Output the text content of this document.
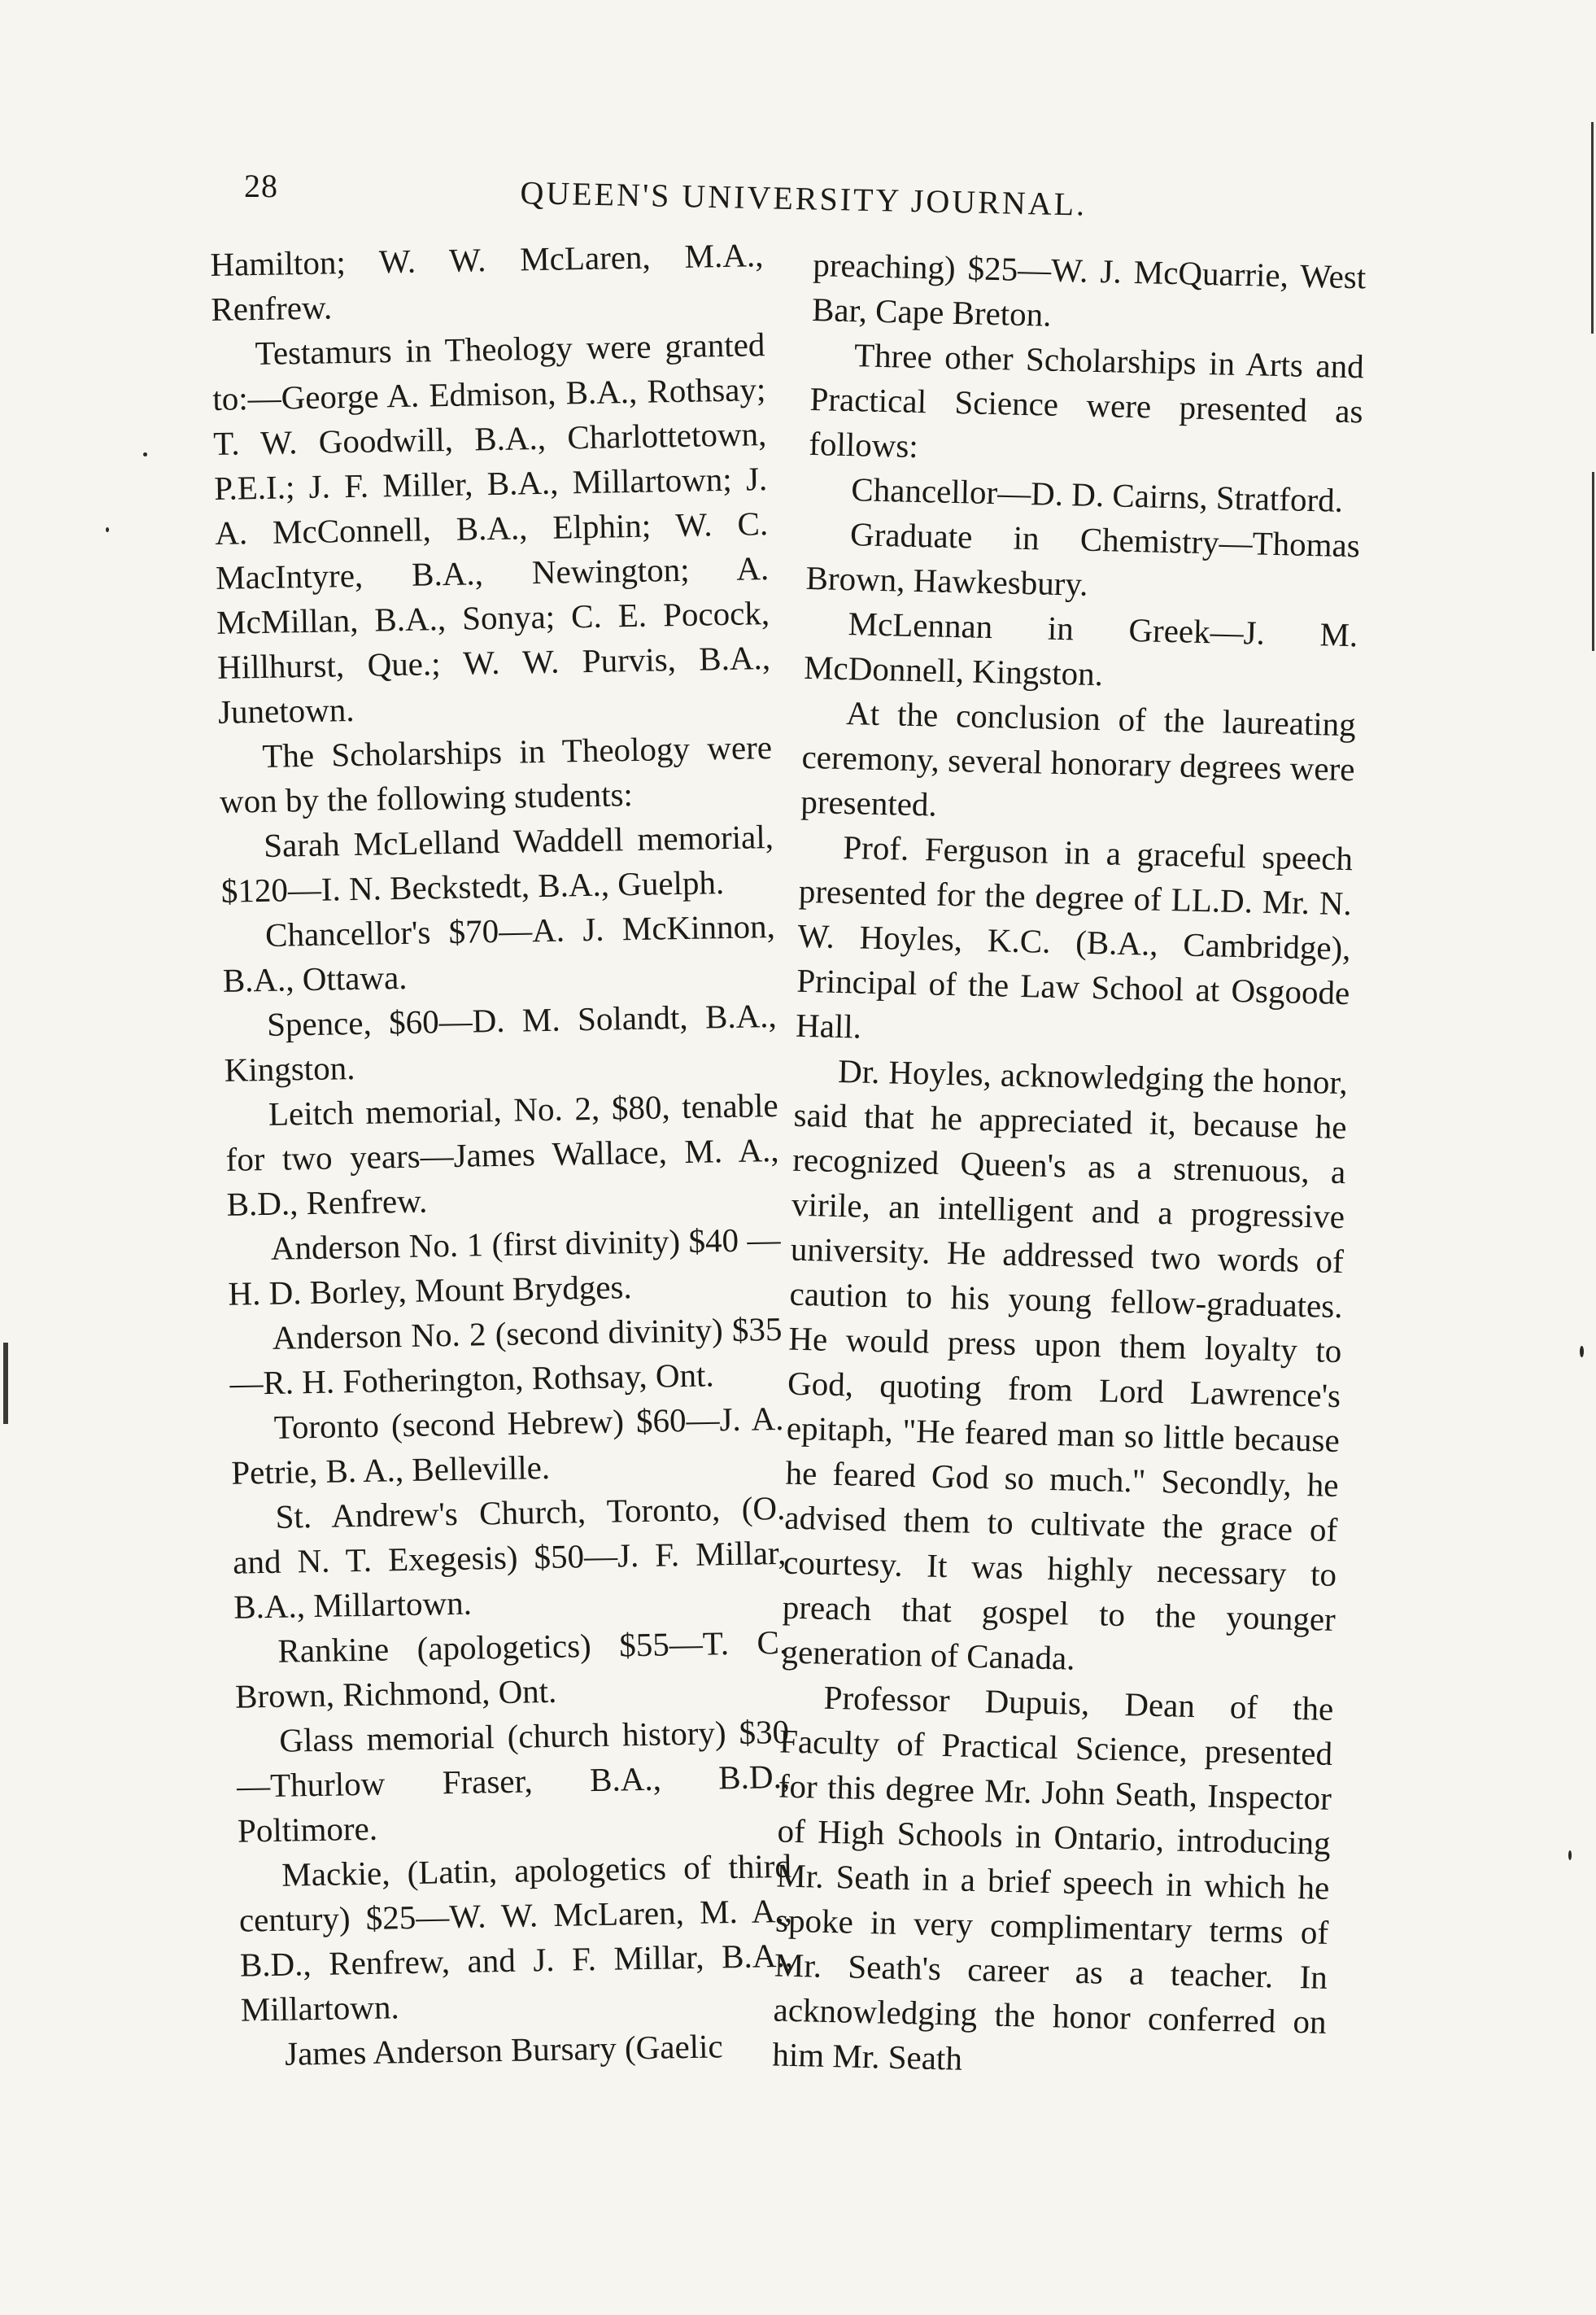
28	QUEEN'S UNIVERSITY JOURNAL.

Hamilton; W. W. McLaren, M.A., Renfrew.

Testamurs in Theology were granted to:—George A. Edmison, B.A., Rothsay; T. W. Goodwill, B.A., Charlottetown, P.E.I.; J. F. Miller, B.A., Millartown; J. A. McConnell, B.A., Elphin; W. C. MacIntyre, B.A., Newington; A. McMillan, B.A., Sonya; C. E. Pocock, Hillhurst, Que.; W. W. Purvis, B.A., Junetown.

The Scholarships in Theology were won by the following students:

Sarah McLelland Waddell memorial, $120—I. N. Beckstedt, B.A., Guelph.

Chancellor's $70—A. J. McKinnon, B.A., Ottawa.

Spence, $60—D. M. Solandt, B.A., Kingston.

Leitch memorial, No. 2, $80, tenable for two years—James Wallace, M. A., B.D., Renfrew.

Anderson No. 1 (first divinity) $40 —H. D. Borley, Mount Brydges.

Anderson No. 2 (second divinity) $35—R. H. Fotherington, Rothsay, Ont.

Toronto (second Hebrew) $60—J. A. Petrie, B. A., Belleville.

St. Andrew's Church, Toronto, (O. and N. T. Exegesis) $50—J. F. Millar, B.A., Millartown.

Rankine (apologetics) $55—T. C. Brown, Richmond, Ont.

Glass memorial (church history) $30—Thurlow Fraser, B.A., B.D., Poltimore.

Mackie, (Latin, apologetics of third century) $25—W. W. McLaren, M. A., B.D., Renfrew, and J. F. Millar, B.A., Millartown.

James Anderson Bursary (Gaelic

preaching) $25—W. J. McQuarrie, West Bar, Cape Breton.

Three other Scholarships in Arts and Practical Science were presented as follows:

Chancellor—D. D. Cairns, Stratford.

Graduate in Chemistry—Thomas Brown, Hawkesbury.

McLennan in Greek—J. M. McDonnell, Kingston.

At the conclusion of the laureating ceremony, several honorary degrees were presented.

Prof. Ferguson in a graceful speech presented for the degree of LL.D. Mr. N. W. Hoyles, K.C. (B.A., Cambridge), Principal of the Law School at Osgoode Hall.

Dr. Hoyles, acknowledging the honor, said that he appreciated it, because he recognized Queen's as a strenuous, a virile, an intelligent and a progressive university. He addressed two words of caution to his young fellow-graduates. He would press upon them loyalty to God, quoting from Lord Lawrence's epitaph, "He feared man so little because he feared God so much." Secondly, he advised them to cultivate the grace of courtesy. It was highly necessary to preach that gospel to the younger generation of Canada.

Professor Dupuis, Dean of the Faculty of Practical Science, presented for this degree Mr. John Seath, Inspector of High Schools in Ontario, introducing Mr. Seath in a brief speech in which he spoke in very complimentary terms of Mr. Seath's career as a teacher. In acknowledging the honor conferred on him Mr. Seath
